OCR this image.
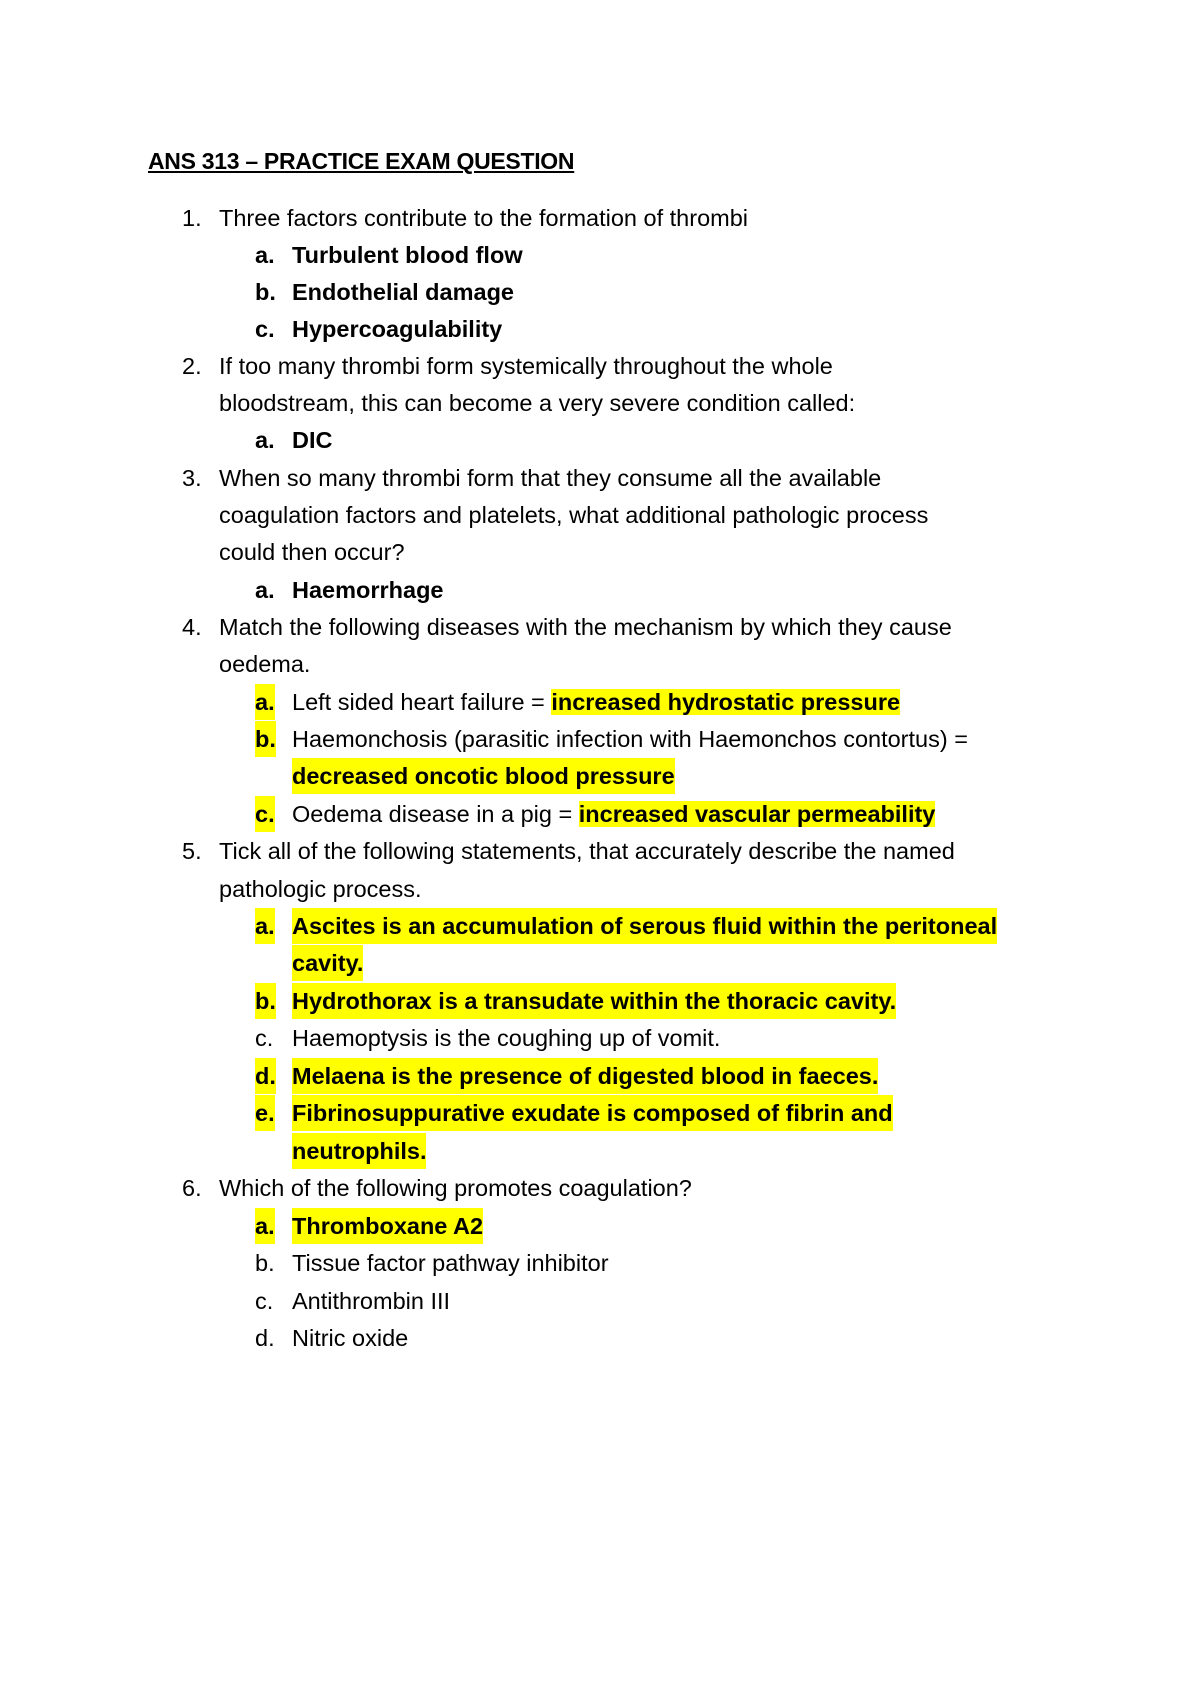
ANS 313 – PRACTICE EXAM QUESTION
1. Three factors contribute to the formation of thrombi
a. Turbulent blood flow
b. Endothelial damage
c. Hypercoagulability
2. If too many thrombi form systemically throughout the whole
bloodstream, this can become a very severe condition called:
a. DIC
3. When so many thrombi form that they consume all the available
coagulation factors and platelets, what additional pathologic process
could then occur?
a. Haemorrhage
4. Match the following diseases with the mechanism by which they cause
oedema.
a. Left sided heart failure = increased hydrostatic pressure
b. Haemonchosis (parasitic infection with Haemonchos contortus) =
decreased oncotic blood pressure
c. Oedema disease in a pig = increased vascular permeability
5. Tick all of the following statements, that accurately describe the named
pathologic process.
a. Ascites is an accumulation of serous fluid within the peritoneal
cavity.
b. Hydrothorax is a transudate within the thoracic cavity.
c. Haemoptysis is the coughing up of vomit.
d. Melaena is the presence of digested blood in faeces.
e. Fibrinosuppurative exudate is composed of fibrin and
neutrophils.
6. Which of the following promotes coagulation?
a. Thromboxane A2
b. Tissue factor pathway inhibitor
c. Antithrombin III
d. Nitric oxide
